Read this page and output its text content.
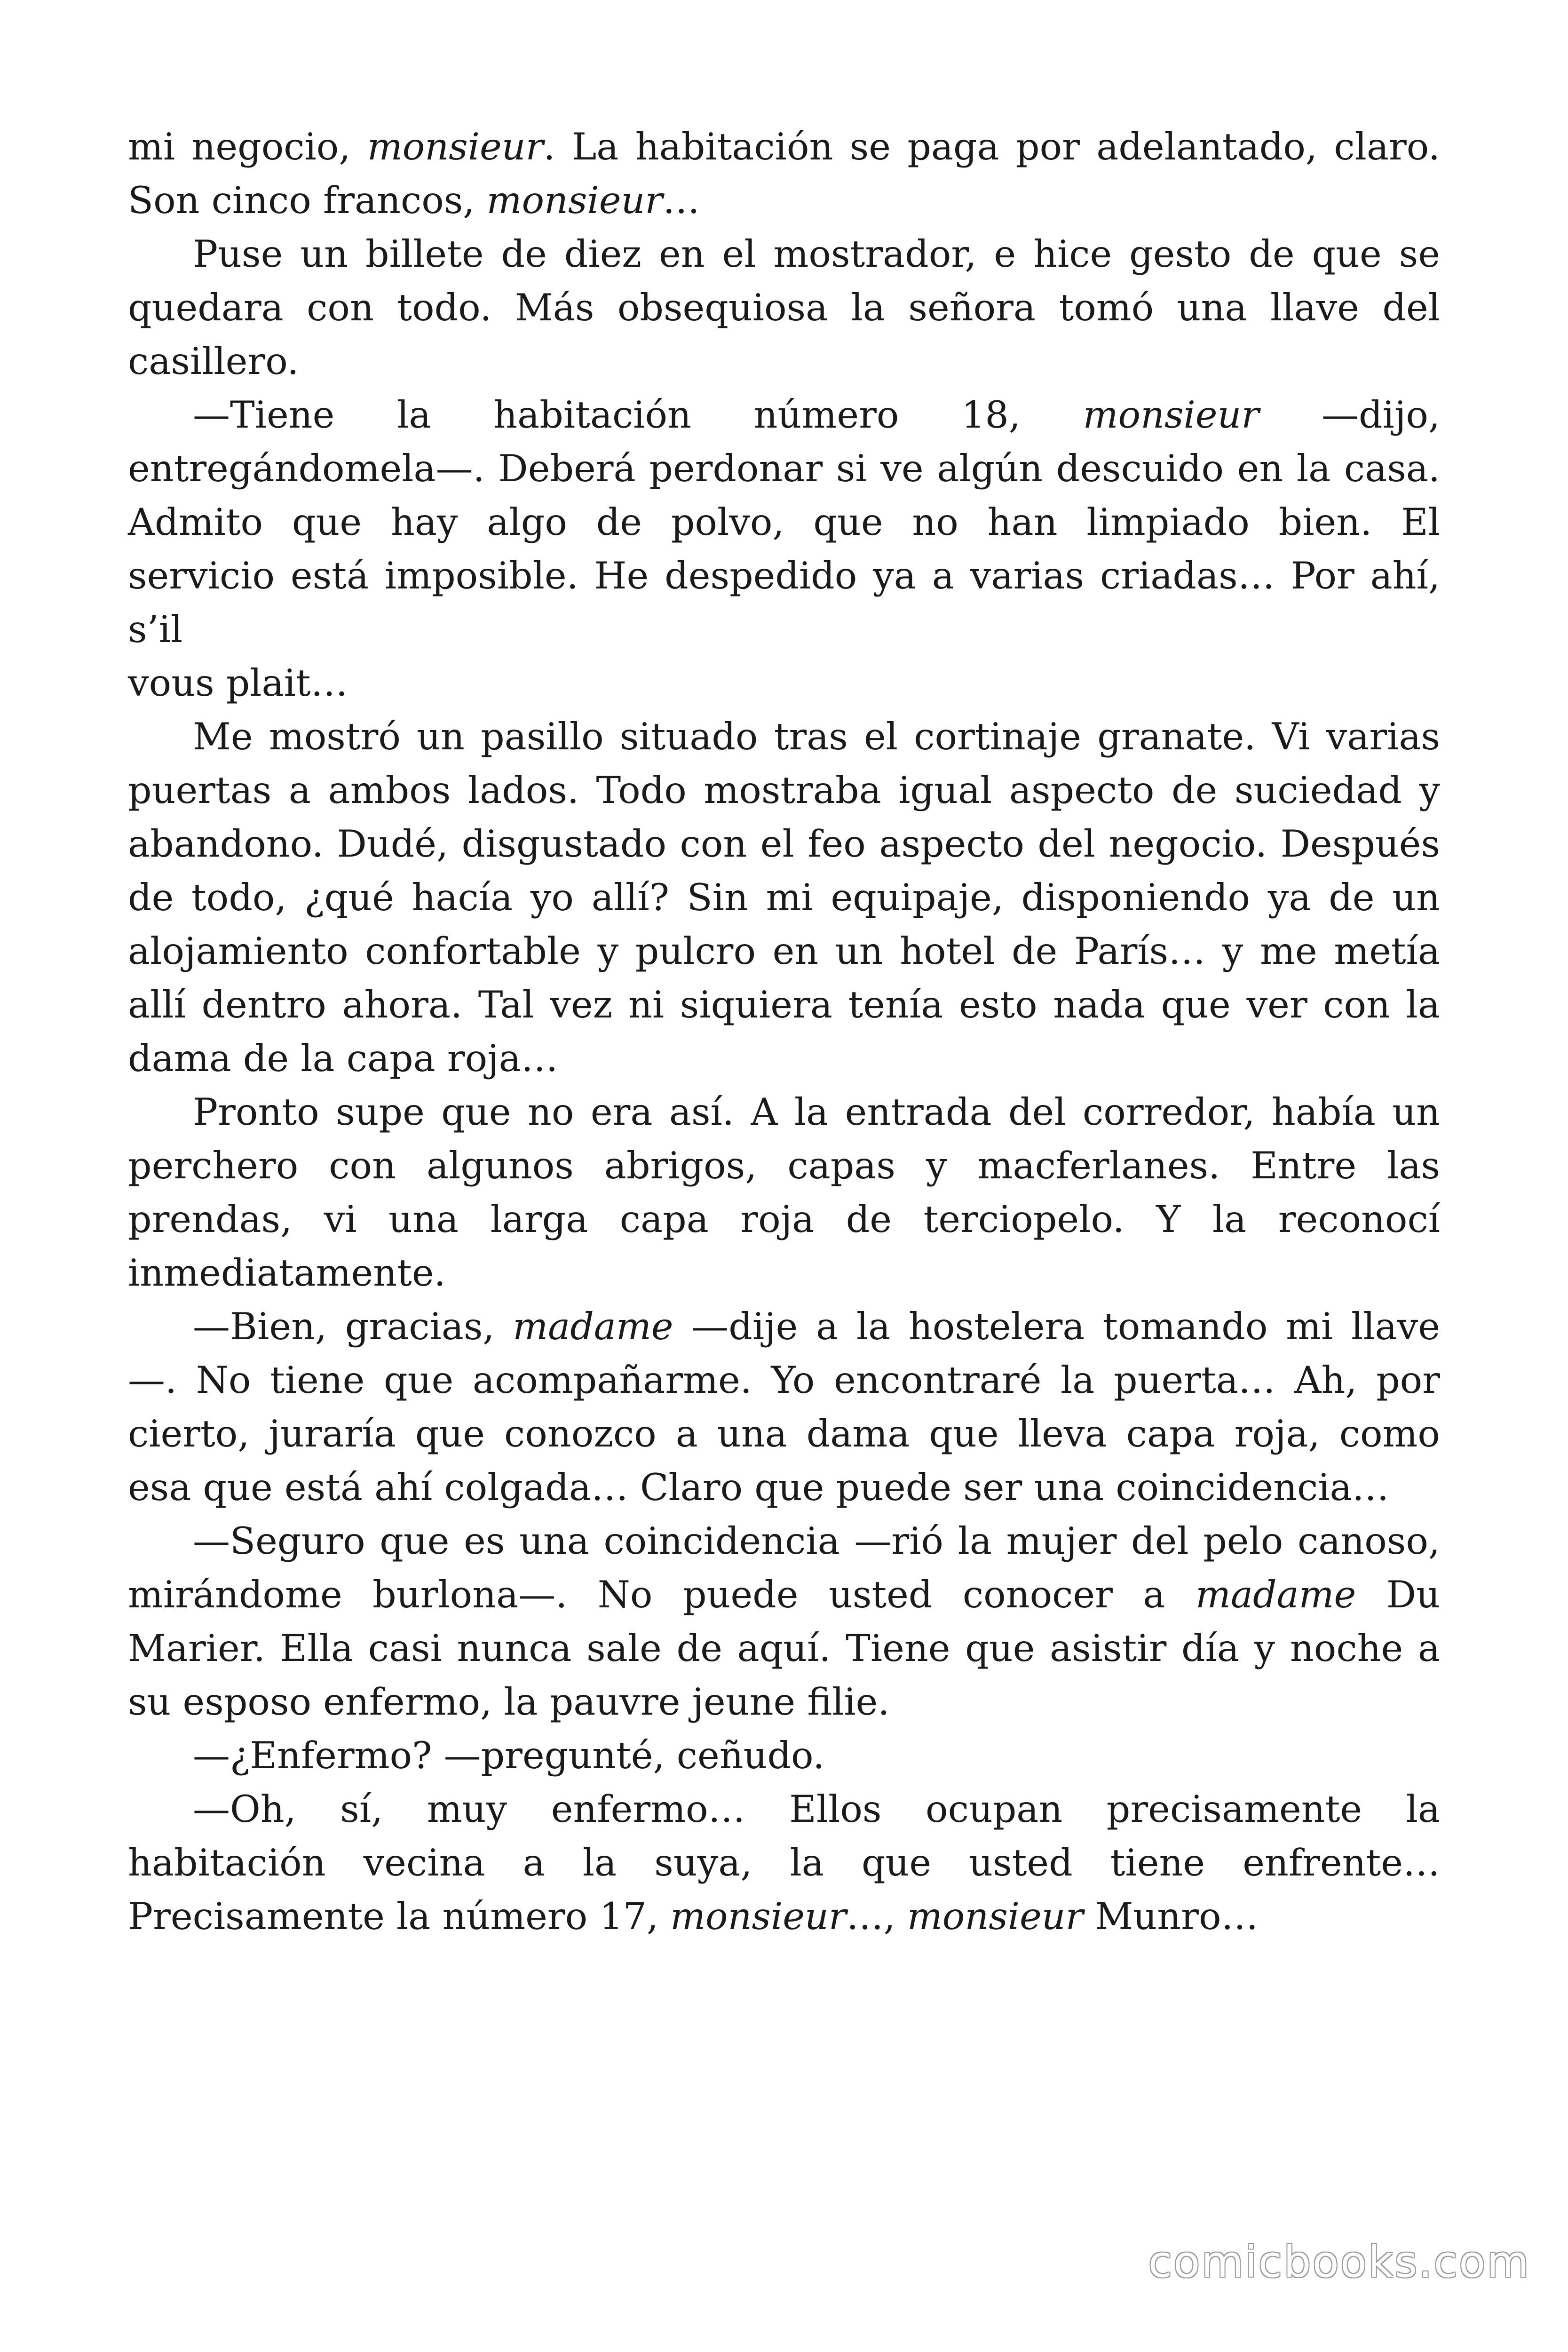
mi negocio, monsieur. La habitación se paga por adelantado, claro.
Son cinco francos, monsieur…
Puse un billete de diez en el mostrador, e hice gesto de que se
quedara con todo. Más obsequiosa la señora tomó una llave del
casillero.
—Tiene la habitación número 18, monsieur —dijo,
entregándomela—. Deberá perdonar si ve algún descuido en la casa.
Admito que hay algo de polvo, que no han limpiado bien. El
servicio está imposible. He despedido ya a varias criadas… Por ahí,
s’il
vous plait…
Me mostró un pasillo situado tras el cortinaje granate. Vi varias
puertas a ambos lados. Todo mostraba igual aspecto de suciedad y
abandono. Dudé, disgustado con el feo aspecto del negocio. Después
de todo, ¿qué hacía yo allí? Sin mi equipaje, disponiendo ya de un
alojamiento confortable y pulcro en un hotel de París… y me metía
allí dentro ahora. Tal vez ni siquiera tenía esto nada que ver con la
dama de la capa roja…
Pronto supe que no era así. A la entrada del corredor, había un
perchero con algunos abrigos, capas y macferlanes. Entre las
prendas, vi una larga capa roja de terciopelo. Y la reconocí
inmediatamente.
—Bien, gracias, madame —dije a la hostelera tomando mi llave
—. No tiene que acompañarme. Yo encontraré la puerta… Ah, por
cierto, juraría que conozco a una dama que lleva capa roja, como
esa que está ahí colgada… Claro que puede ser una coincidencia…
—Seguro que es una coincidencia —rió la mujer del pelo canoso,
mirándome burlona—. No puede usted conocer a madame Du
Marier. Ella casi nunca sale de aquí. Tiene que asistir día y noche a
su esposo enfermo, la pauvre jeune filie.
—¿Enfermo? —pregunté, ceñudo.
—Oh, sí, muy enfermo… Ellos ocupan precisamente la
habitación vecina a la suya, la que usted tiene enfrente…
Precisamente la número 17, monsieur…, monsieur Munro…
comicbooks.com
